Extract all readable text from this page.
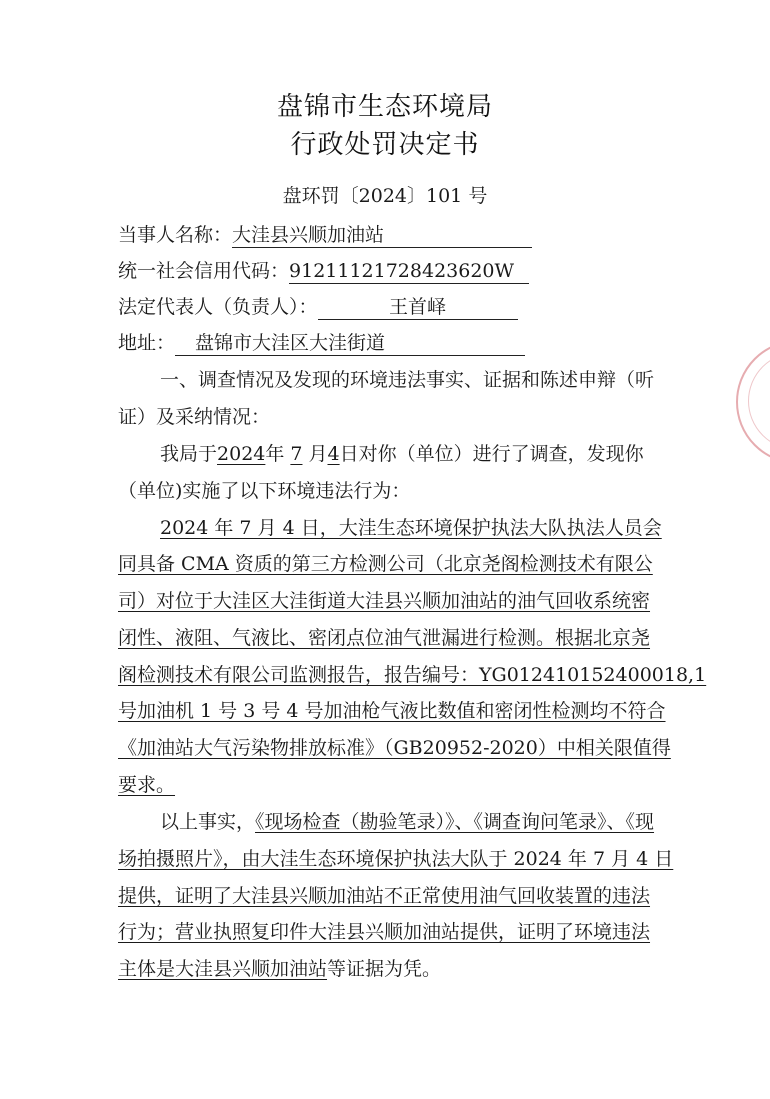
盘锦市生态环境局
行政处罚决定书
盘环罚〔2024〕101 号
当事人名称：大洼县兴顺加油站
统一社会信用代码：91211121728423620W
法定代表人（负责人）：	王首峄
地址： 盘锦市大洼区大洼街道
一、调查情况及发现的环境违法事实、证据和陈述申辩（听
证）及采纳情况：
我局于2024年 7 月4日对你（单位）进行了调查，发现你
（单位)实施了以下环境违法行为：
2024 年 7 月 4 日，大洼生态环境保护执法大队执法人员会
同具备 CMA 资质的第三方检测公司（北京尧阁检测技术有限公
司）对位于大洼区大洼街道大洼县兴顺加油站的油气回收系统密
闭性、液阻、气液比、密闭点位油气泄漏进行检测。根据北京尧
阁检测技术有限公司监测报告，报告编号：YG012410152400018,1
号加油机 1 号 3 号 4 号加油枪气液比数值和密闭性检测均不符合
《加油站大气污染物排放标准》（GB20952-2020）中相关限值得
要求。
以上事实，《现场检查（勘验笔录）》、《调查询问笔录》、《现
场拍摄照片》，由大洼生态环境保护执法大队于 2024 年 7 月 4 日
提供，证明了大洼县兴顺加油站不正常使用油气回收装置的违法
行为；营业执照复印件大洼县兴顺加油站提供，证明了环境违法
主体是大洼县兴顺加油站等证据为凭。
